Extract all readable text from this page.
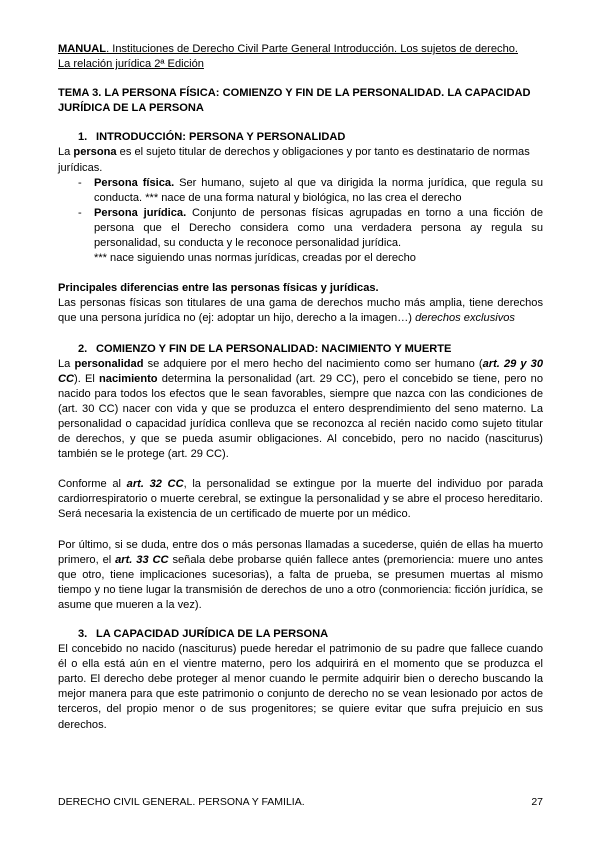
MANUAL. Instituciones de Derecho Civil Parte General Introducción. Los sujetos de derecho.
La relación jurídica 2ª Edición
TEMA 3. LA PERSONA FÍSICA: COMIENZO Y FIN DE LA PERSONALIDAD. LA CAPACIDAD JURÍDICA DE LA PERSONA
1. INTRODUCCIÓN: PERSONA Y PERSONALIDAD

La persona es el sujeto titular de derechos y obligaciones y por tanto es destinatario de normas jurídicas.

- Persona física. Ser humano, sujeto al que va dirigida la norma jurídica, que regula su conducta. *** nace de una forma natural y biológica, no las crea el derecho
- Persona jurídica. Conjunto de personas físicas agrupadas en torno a una ficción de persona que el Derecho considera como una verdadera persona ay regula su personalidad, su conducta y le reconoce personalidad jurídica.
*** nace siguiendo unas normas jurídicas, creadas por el derecho
Principales diferencias entre las personas físicas y jurídicas.

Las personas físicas son titulares de una gama de derechos mucho más amplia, tiene derechos que una persona jurídica no (ej: adoptar un hijo, derecho a la imagen…) derechos exclusivos

2. COMIENZO Y FIN DE LA PERSONALIDAD: NACIMIENTO Y MUERTE

La personalidad se adquiere por el mero hecho del nacimiento como ser humano (art. 29 y 30 CC). El nacimiento determina la personalidad (art. 29 CC), pero el concebido se tiene, pero no nacido para todos los efectos que le sean favorables, siempre que nazca con las condiciones de (art. 30 CC) nacer con vida y que se produzca el entero desprendimiento del seno materno. La personalidad o capacidad jurídica conlleva que se reconozca al recién nacido como sujeto titular de derechos, y que se pueda asumir obligaciones. Al concebido, pero no nacido (nasciturus) también se le protege (art. 29 CC).

Conforme al art. 32 CC, la personalidad se extingue por la muerte del individuo por parada cardiorrespiratorio o muerte cerebral, se extingue la personalidad y se abre el proceso hereditario. Será necesaria la existencia de un certificado de muerte por un médico.

Por último, si se duda, entre dos o más personas llamadas a sucederse, quién de ellas ha muerto primero, el art. 33 CC señala debe probarse quién fallece antes (premoriencia: muere uno antes que otro, tiene implicaciones sucesorias), a falta de prueba, se presumen muertas al mismo tiempo y no tiene lugar la transmisión de derechos de uno a otro (conmoriencia: ficción jurídica, se asume que mueren a la vez).

3. LA CAPACIDAD JURÍDICA DE LA PERSONA

El concebido no nacido (nasciturus) puede heredar el patrimonio de su padre que fallece cuando él o ella está aún en el vientre materno, pero los adquirirá en el momento que se produzca el parto. El derecho debe proteger al menor cuando le permite adquirir bien o derecho buscando la mejor manera para que este patrimonio o conjunto de derecho no se vean lesionado por actos de terceros, del propio menor o de sus progenitores; se quiere evitar que sufra prejuicio en sus derechos.

DERECHO CIVIL GENERAL. PERSONA Y FAMILIA.	27
